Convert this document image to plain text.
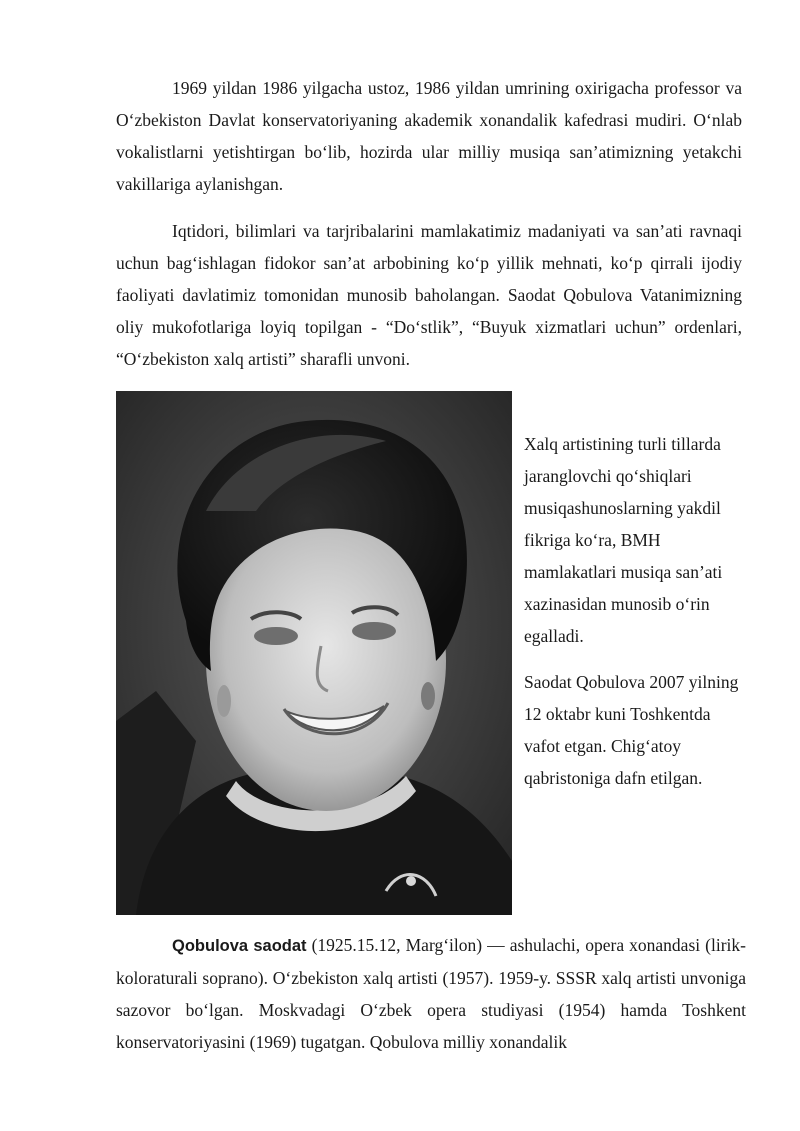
1969 yildan 1986 yilgacha ustoz, 1986 yildan umrining oxirigacha professor va O‘zbekiston Davlat konservatoriyaning akademik xonandalik kafedrasi mudiri. O‘nlab vokalistlarni yetishtirgan bo‘lib, hozirda ular milliy musiqa san’atimizning yetakchi vakillariga aylanishgan.

Iqtidori, bilimlari va tarjribalarini mamlakatimiz madaniyati va san’ati ravnaqi uchun bag‘ishlagan fidokor san’at arbobining ko‘p yillik mehnati, ko‘p qirrali ijodiy faoliyati davlatimiz tomonidan munosib baholangan. Saodat Qobulova Vatanimizning oliy mukofotlariga loyiq topilgan - “Do‘stlik”, “Buyuk xizmatlari uchun” ordenlari, “O‘zbekiston xalq artisti” sharafli unvoni.

Xalq artistining turli tillarda jaranglovchi qo‘shiqlari musiqashunoslarning yakdil fikriga ko‘ra, BMH mamlakatlari musiqa san’ati xazinasidan munosib o‘rin egalladi.

Saodat Qobulova 2007 yilning 12 oktabr kuni Toshkentda vafot etgan. Chig‘atoy qabristoniga dafn etilgan.

Qobulova saodat (1925.15.12, Marg‘ilon) — ashulachi, opera xonandasi (lirik-koloraturali soprano). O‘zbekiston xalq artisti (1957). 1959-y. SSSR xalq artisti unvoniga sazovor bo‘lgan. Moskvadagi O‘zbek opera studiyasi (1954) hamda Toshkent konservatoriyasini (1969) tugatgan. Qobulova milliy xonandalik
